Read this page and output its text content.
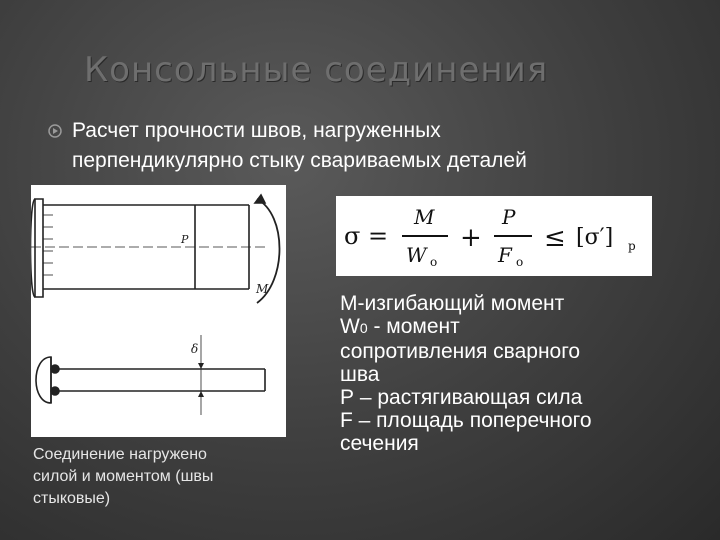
Консольные соединения
Расчет прочности швов, нагруженных
перпендикулярно стыку свариваемых деталей
P
M
δ
Соединение нагружено
силой и моментом (швы
стыковые)
σ =
M
W o
+
P
F o
≤ [σ′] p
М-изгибающий момент
W0 - момент
сопротивления сварного
шва
Р – растягивающая сила
F – площадь поперечного
сечения
